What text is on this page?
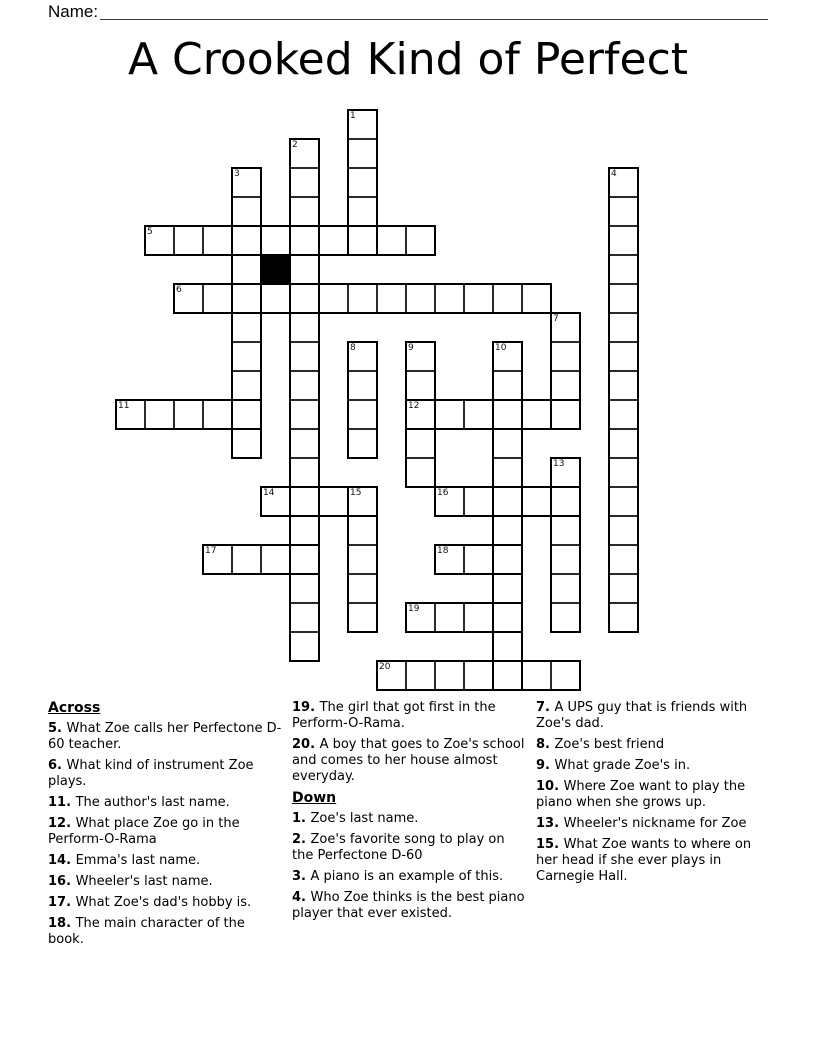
Name:
A Crooked Kind of Perfect
1
2
3	4
5
6
7
8	9	10
11	12
13
14	15	16
17	18
19
20
Across
5. What Zoe calls her Perfectone D-60 teacher.
6. What kind of instrument Zoe plays.
11. The author's last name.
12. What place Zoe go in the Perform-O-Rama
14. Emma's last name.
16. Wheeler's last name.
17. What Zoe's dad's hobby is.
18. The main character of the book.
19. The girl that got first in the Perform-O-Rama.
20. A boy that goes to Zoe's school and comes to her house almost everyday.
Down
1. Zoe's last name.
2. Zoe's favorite song to play on the Perfectone D-60
3. A piano is an example of this.
4. Who Zoe thinks is the best piano player that ever existed.
7. A UPS guy that is friends with Zoe's dad.
8. Zoe's best friend
9. What grade Zoe's in.
10. Where Zoe want to play the piano when she grows up.
13. Wheeler's nickname for Zoe
15. What Zoe wants to where on her head if she ever plays in Carnegie Hall.
